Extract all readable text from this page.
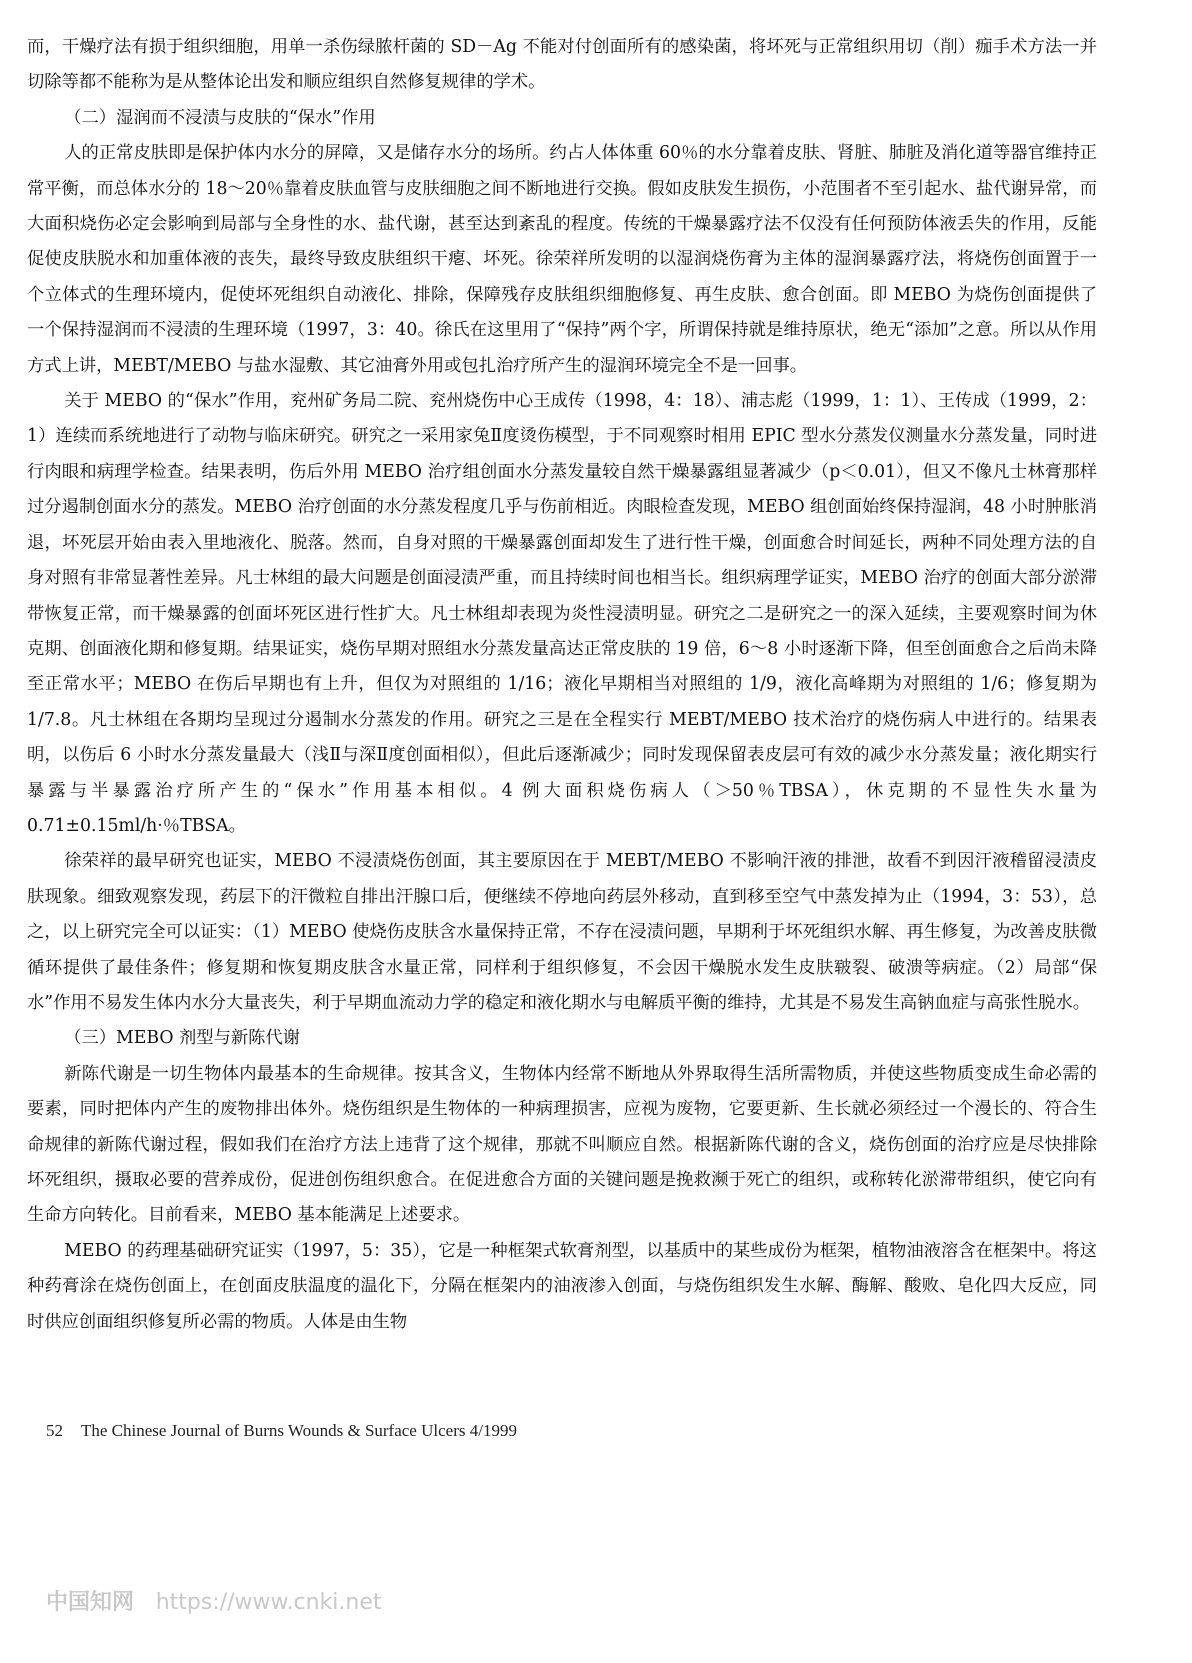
而，干燥疗法有损于组织细胞，用单一杀伤绿脓杆菌的 SD－Ag 不能对付创面所有的感染菌，将坏死与正常组织用切（削）痂手术方法一并切除等都不能称为是从整体论出发和顺应组织自然修复规律的学术。

（二）湿润而不浸渍与皮肤的“保水”作用

人的正常皮肤即是保护体内水分的屏障，又是储存水分的场所。约占人体体重 60％的水分靠着皮肤、肾脏、肺脏及消化道等器官维持正常平衡，而总体水分的 18～20％靠着皮肤血管与皮肤细胞之间不断地进行交换。假如皮肤发生损伤，小范围者不至引起水、盐代谢异常，而大面积烧伤必定会影响到局部与全身性的水、盐代谢，甚至达到紊乱的程度。传统的干燥暴露疗法不仅没有任何预防体液丢失的作用，反能促使皮肤脱水和加重体液的丧失，最终导致皮肤组织干瘪、坏死。徐荣祥所发明的以湿润烧伤膏为主体的湿润暴露疗法，将烧伤创面置于一个立体式的生理环境内，促使坏死组织自动液化、排除，保障残存皮肤组织细胞修复、再生皮肤、愈合创面。即 MEBO 为烧伤创面提供了一个保持湿润而不浸渍的生理环境（1997，3：40。徐氏在这里用了“保持”两个字，所谓保持就是维持原状，绝无“添加”之意。所以从作用方式上讲，MEBT/MEBO 与盐水湿敷、其它油膏外用或包扎治疗所产生的湿润环境完全不是一回事。

关于 MEBO 的“保水”作用，兖州矿务局二院、兖州烧伤中心王成传（1998，4：18）、浦志彪（1999，1：1）、王传成（1999，2：1）连续而系统地进行了动物与临床研究。研究之一采用家兔Ⅱ度烫伤模型，于不同观察时相用 EPIC 型水分蒸发仪测量水分蒸发量，同时进行肉眼和病理学检查。结果表明，伤后外用 MEBO 治疗组创面水分蒸发量较自然干燥暴露组显著减少（p＜0.01），但又不像凡士林膏那样过分遏制创面水分的蒸发。MEBO 治疗创面的水分蒸发程度几乎与伤前相近。肉眼检查发现，MEBO 组创面始终保持湿润，48 小时肿胀消退，坏死层开始由表入里地液化、脱落。然而，自身对照的干燥暴露创面却发生了进行性干燥，创面愈合时间延长，两种不同处理方法的自身对照有非常显著性差异。凡士林组的最大问题是创面浸渍严重，而且持续时间也相当长。组织病理学证实，MEBO 治疗的创面大部分淤滞带恢复正常，而干燥暴露的创面坏死区进行性扩大。凡士林组却表现为炎性浸渍明显。研究之二是研究之一的深入延续，主要观察时间为休克期、创面液化期和修复期。结果证实，烧伤早期对照组水分蒸发量高达正常皮肤的 19 倍，6～8 小时逐渐下降，但至创面愈合之后尚未降至正常水平；MEBO 在伤后早期也有上升，但仅为对照组的 1/16；液化早期相当对照组的 1/9，液化高峰期为对照组的 1/6；修复期为 1/7.8。凡士林组在各期均呈现过分遏制水分蒸发的作用。研究之三是在全程实行 MEBT/MEBO 技术治疗的烧伤病人中进行的。结果表明，以伤后 6 小时水分蒸发量最大（浅Ⅱ与深Ⅱ度创面相似），但此后逐渐减少；同时发现保留表皮层可有效的减少水分蒸发量；液化期实行暴露与半暴露治疗所产生的“保水”作用基本相似。4 例大面积烧伤病人（＞50％TBSA），休克期的不显性失水量为 0.71±0.15ml/h·％TBSA。

徐荣祥的最早研究也证实，MEBO 不浸渍烧伤创面，其主要原因在于 MEBT/MEBO 不影响汗液的排泄，故看不到因汗液稽留浸渍皮肤现象。细致观察发现，药层下的汗微粒自排出汗腺口后，便继续不停地向药层外移动，直到移至空气中蒸发掉为止（1994，3：53），总之，以上研究完全可以证实：（1）MEBO 使烧伤皮肤含水量保持正常，不存在浸渍问题，早期利于坏死组织水解、再生修复，为改善皮肤微循环提供了最佳条件；修复期和恢复期皮肤含水量正常，同样利于组织修复，不会因干燥脱水发生皮肤皲裂、破溃等病症。（2）局部“保水”作用不易发生体内水分大量丧失，利于早期血流动力学的稳定和液化期水与电解质平衡的维持，尤其是不易发生高钠血症与高张性脱水。

（三）MEBO 剂型与新陈代谢

新陈代谢是一切生物体内最基本的生命规律。按其含义，生物体内经常不断地从外界取得生活所需物质，并使这些物质变成生命必需的要素，同时把体内产生的废物排出体外。烧伤组织是生物体的一种病理损害，应视为废物，它要更新、生长就必须经过一个漫长的、符合生命规律的新陈代谢过程，假如我们在治疗方法上违背了这个规律，那就不叫顺应自然。根据新陈代谢的含义，烧伤创面的治疗应是尽快排除坏死组织，摄取必要的营养成份，促进创伤组织愈合。在促进愈合方面的关键问题是挽救濒于死亡的组织，或称转化淤滞带组织，使它向有生命方向转化。目前看来，MEBO 基本能满足上述要求。

MEBO 的药理基础研究证实（1997，5：35），它是一种框架式软膏剂型，以基质中的某些成份为框架，植物油液溶含在框架中。将这种药膏涂在烧伤创面上，在创面皮肤温度的温化下，分隔在框架内的油液渗入创面，与烧伤组织发生水解、酶解、酸败、皂化四大反应，同时供应创面组织修复所必需的物质。人体是由生物

52 The Chinese Journal of Burns Wounds & Surface Ulcers 4/1999
中国知网 https://www.cnki.net
